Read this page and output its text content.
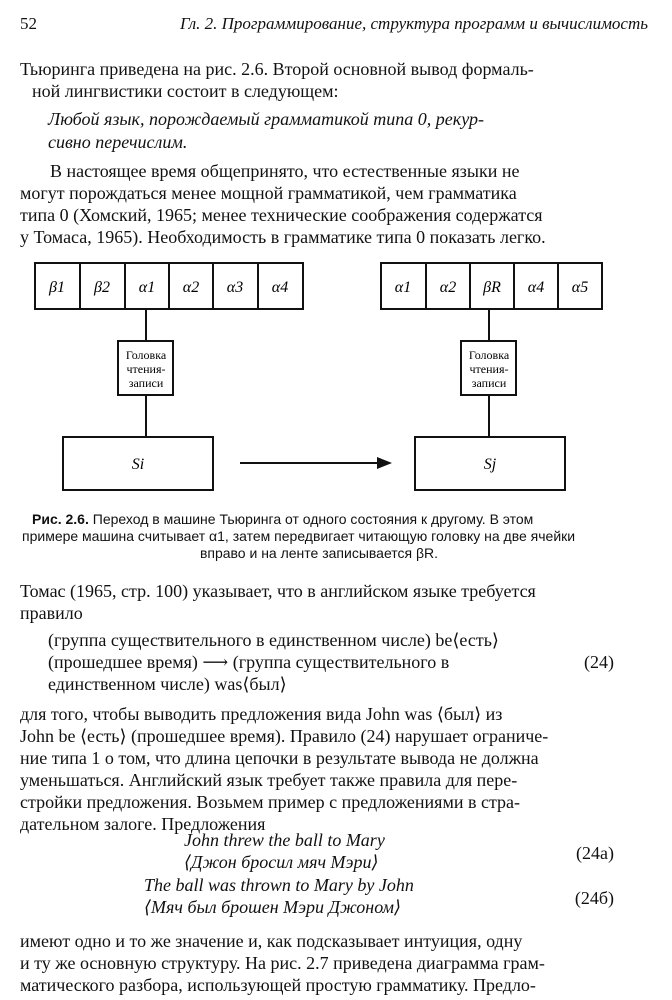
52	Гл. 2. Программирование, структура программ и вычислимость
Тьюринга приведена на рис. 2.6. Второй основной вывод формаль-
ной лингвистики состоит в следующем:
Любой язык, порождаемый грамматикой типа 0, рекур-
сивно перечислим.
В настоящее время общепринято, что естественные языки не
могут порождаться менее мощной грамматикой, чем грамматика
типа 0 (Хомский, 1965; менее технические соображения содержатся
у Томаса, 1965). Необходимость в грамматике типа 0 показать легко.
β1 β2 α1 α2 α3 α4	α1 α2 βR α4 α5
Головка
чтения-
записи
Головка
чтения-
записи
Si	Sj
Рис. 2.6. Переход в машине Тьюринга от одного состояния к другому. В этом
примере машина считывает α1, затем передвигает читающую головку на две ячейки
вправо и на ленте записывается βR.
Томас (1965, стр. 100) указывает, что в английском языке требуется
правило
(группа существительного в единственном числе) be⟨есть⟩
(прошедшее время) ⟶ (группа существительного в
единственном числе) was⟨был⟩
(24)
для того, чтобы выводить предложения вида John was ⟨был⟩ из
John be ⟨есть⟩ (прошедшее время). Правило (24) нарушает ограниче-
ние типа 1 о том, что длина цепочки в результате вывода не должна
уменьшаться. Английский язык требует также правила для пере-
стройки предложения. Возьмем пример с предложениями в стра-
дательном залоге. Предложения
John threw the ball to Mary
⟨Джон бросил мяч Мэри⟩	(24а)
The ball was thrown to Mary by John
⟨Мяч был брошен Мэри Джоном⟩	(24б)
имеют одно и то же значение и, как подсказывает интуиция, одну
и ту же основную структуру. На рис. 2.7 приведена диаграмма грам-
матического разбора, использующей простую грамматику. Предло-
